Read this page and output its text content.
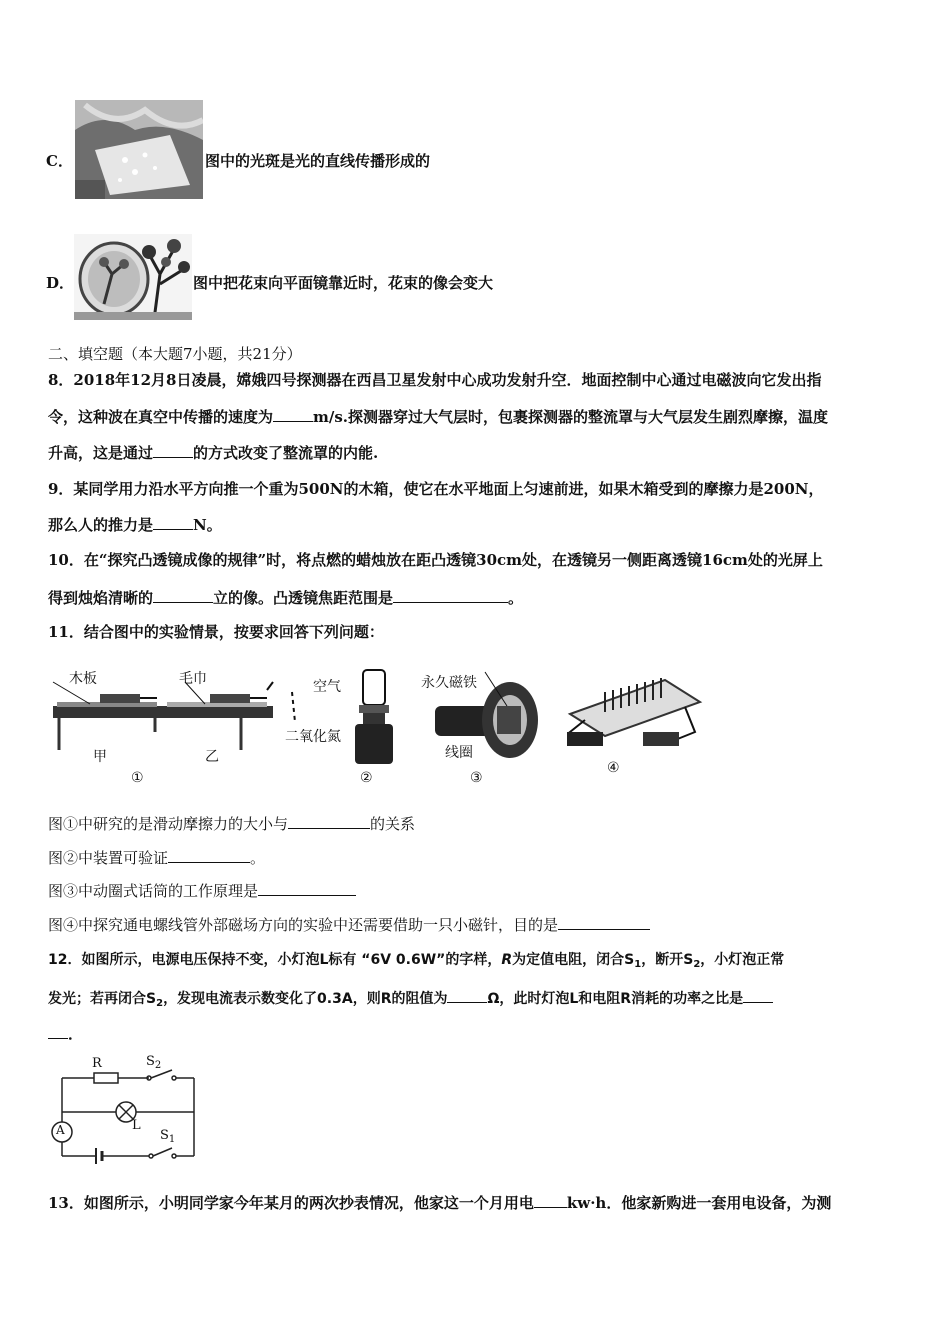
C．	图中的光斑是光的直线传播形成的
D．	图中把花束向平面镜靠近时，花束的像会变大
二、填空题（本大题7小题，共21分）
8．2018年12月8日凌晨，嫦娥四号探测器在西昌卫星发射中心成功发射升空．地面控制中心通过电磁波向它发出指
令，这种波在真空中传播的速度为	m/s.探测器穿过大气层时，包裹探测器的整流罩与大气层发生剧烈摩擦，温度
升高，这是通过	的方式改变了整流罩的内能.
9．某同学用力沿水平方向推一个重为500N的木箱，使它在水平地面上匀速前进，如果木箱受到的摩擦力是200N，
那么人的推力是	N。
10．在“探究凸透镜成像的规律”时，将点燃的蜡烛放在距凸透镜30cm处，在透镜另一侧距离透镜16cm处的光屏上
得到烛焰清晰的	立的像。凸透镜焦距范围是	。
11．结合图中的实验情景，按要求回答下列问题：
木板	毛巾
甲	乙
空气
二氧化氮
永久磁铁
线圈
①	②	③
④
图①中研究的是滑动摩擦力的大小与	的关系
图②中装置可验证	。
图③中动圈式话筒的工作原理是
图④中探究通电螺线管外部磁场方向的实验中还需要借助一只小磁针，目的是
12．如图所示，电源电压保持不变，小灯泡L标有 “6V 0.6W”的字样，R为定值电阻，闭合$S_1$，断开$S_2$，小灯泡正常
发光；若再闭合$S_2$，发现电流表示数变化了0.3A，则R的阻值为	Ω，此时灯泡L和电阻R消耗的功率之比是
．
R	$S_2$
L
A	$S_1$
13．如图所示，小明同学家今年某月的两次抄表情况，他家这一个月用电 kw·h．他家新购进一套用电设备，为测
